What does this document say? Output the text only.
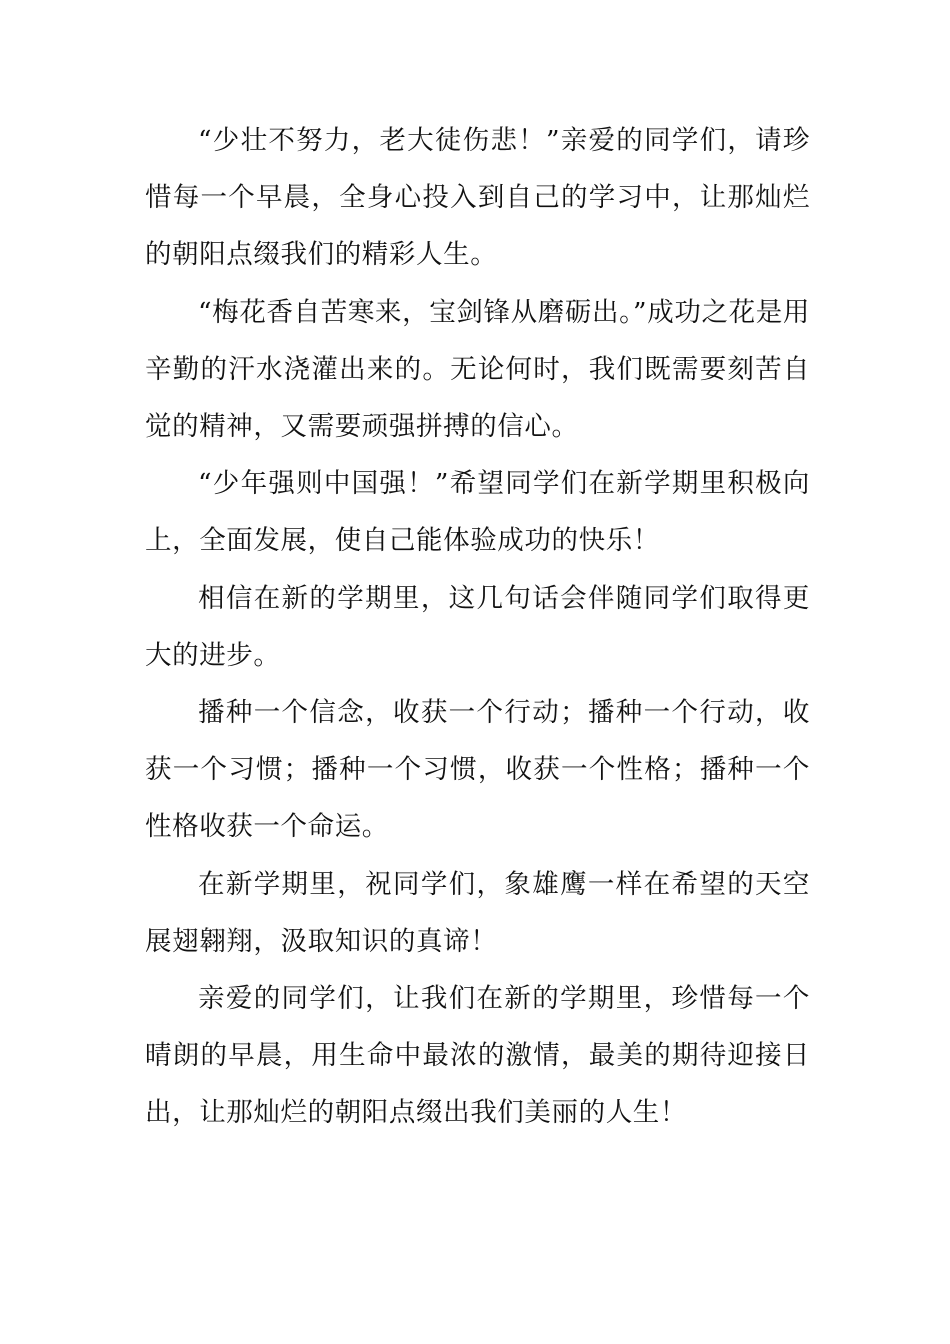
“少壮不努力，老大徒伤悲！”亲爱的同学们，请珍惜每一个早晨，全身心投入到自己的学习中，让那灿烂的朝阳点缀我们的精彩人生。

“梅花香自苦寒来，宝剑锋从磨砺出。”成功之花是用辛勤的汗水浇灌出来的。无论何时，我们既需要刻苦自觉的精神，又需要顽强拼搏的信心。

“少年强则中国强！”希望同学们在新学期里积极向上，全面发展，使自己能体验成功的快乐！

相信在新的学期里，这几句话会伴随同学们取得更大的进步。

播种一个信念，收获一个行动；播种一个行动，收获一个习惯；播种一个习惯，收获一个性格；播种一个性格收获一个命运。

在新学期里，祝同学们，象雄鹰一样在希望的天空展翅翱翔，汲取知识的真谛！

亲爱的同学们，让我们在新的学期里，珍惜每一个晴朗的早晨，用生命中最浓的激情，最美的期待迎接日出，让那灿烂的朝阳点缀出我们美丽的人生！
